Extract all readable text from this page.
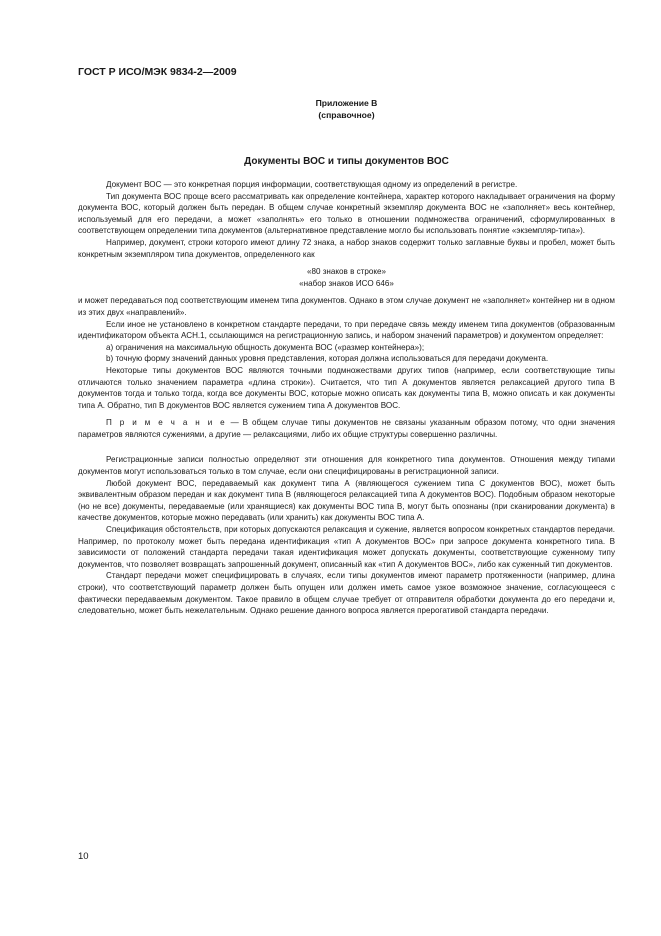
ГОСТ Р ИСО/МЭК 9834-2—2009
Приложение В
(справочное)
Документы ВОС и типы документов ВОС

Документ ВОС — это конкретная порция информации, соответствующая одному из определений в регистре.

Тип документа ВОС проще всего рассматривать как определение контейнера, характер которого накладывает ограничения на форму документа ВОС, который должен быть передан. В общем случае конкретный экземпляр документа ВОС не «заполняет» весь контейнер, используемый для его передачи, а может «заполнять» его только в отношении подмножества ограничений, сформулированных в соответствующем определении типа документов (альтернативное представление могло бы использовать понятие «экземпляр-типа»).

Например, документ, строки которого имеют длину 72 знака, а набор знаков содержит только заглавные буквы и пробел, может быть конкретным экземпляром типа документов, определенного как

«80 знаков в строке»

«набор знаков ИСО 646»

и может передаваться под соответствующим именем типа документов. Однако в этом случае документ не «заполняет» контейнер ни в одном из этих двух «направлений».

Если иное не установлено в конкретном стандарте передачи, то при передаче связь между именем типа документов (образованным идентификатором объекта АСН.1, ссылающимся на регистрационную запись, и набором значений параметров) и документом определяет:

a) ограничения на максимальную общность документа ВОС («размер контейнера»);

b) точную форму значений данных уровня представления, которая должна использоваться для передачи документа.

Некоторые типы документов ВОС являются точными подмножествами других типов (например, если соответствующие типы отличаются только значением параметра «длина строки»). Считается, что тип А документов является релаксацией другого типа В документов тогда и только тогда, когда все документы ВОС, которые можно описать как документы типа В, можно описать и как документы типа А. Обратно, тип В документов ВОС является сужением типа А документов ВОС.

П р и м е ч а н и е — В общем случае типы документов не связаны указанным образом потому, что одни значения параметров являются сужениями, а другие — релаксациями, либо их общие структуры совершенно различны.

Регистрационные записи полностью определяют эти отношения для конкретного типа документов. Отношения между типами документов могут использоваться только в том случае, если они специфицированы в регистрационной записи.

Любой документ ВОС, передаваемый как документ типа А (являющегося сужением типа С документов ВОС), может быть эквивалентным образом передан и как документ типа В (являющегося релаксацией типа А документов ВОС). Подобным образом некоторые (но не все) документы, передаваемые (или хранящиеся) как документы ВОС типа В, могут быть опознаны (при сканировании документа) в качестве документов, которые можно передавать (или хранить) как документы ВОС типа А.

Спецификация обстоятельств, при которых допускаются релаксация и сужение, является вопросом конкретных стандартов передачи. Например, по протоколу может быть передана идентификация «тип А документов ВОС» при запросе документа конкретного типа. В зависимости от положений стандарта передачи такая идентификация может допускать документы, соответствующие суженному типу документов, что позволяет возвращать запрошенный документ, описанный как «тип А документов ВОС», либо как суженный тип документов.

Стандарт передачи может специфицировать в случаях, если типы документов имеют параметр протяженности (например, длина строки), что соответствующий параметр должен быть опущен или должен иметь самое узкое возможное значение, согласующееся с фактически передаваемым документом. Такое правило в общем случае требует от отправителя обработки документа до его передачи и, следовательно, может быть нежелательным. Однако решение данного вопроса является прерогативой стандарта передачи.

10
